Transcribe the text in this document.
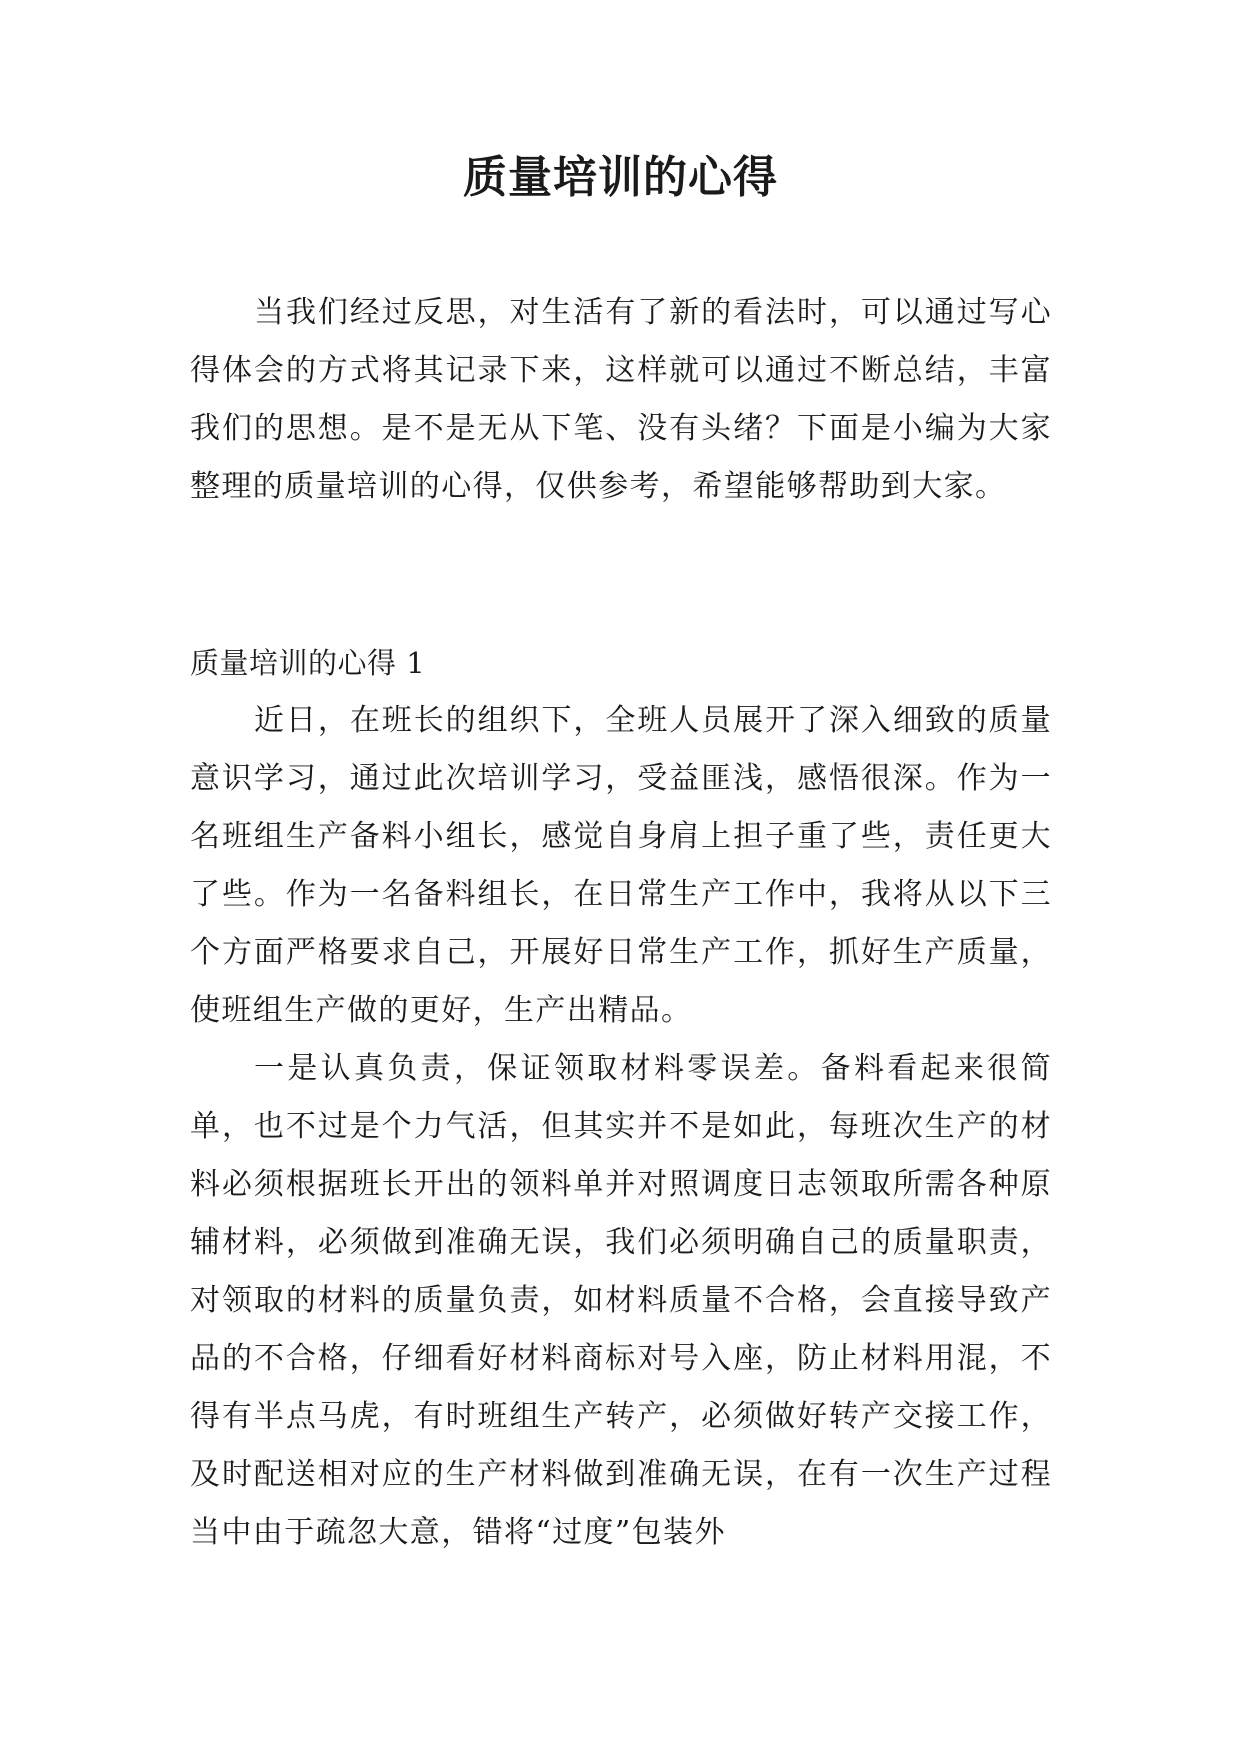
质量培训的心得

当我们经过反思，对生活有了新的看法时，可以通过写心得体会的方式将其记录下来，这样就可以通过不断总结，丰富我们的思想。是不是无从下笔、没有头绪？下面是小编为大家整理的质量培训的心得，仅供参考，希望能够帮助到大家。

质量培训的心得 1

近日，在班长的组织下，全班人员展开了深入细致的质量意识学习，通过此次培训学习，受益匪浅，感悟很深。作为一名班组生产备料小组长，感觉自身肩上担子重了些，责任更大了些。作为一名备料组长，在日常生产工作中，我将从以下三个方面严格要求自己，开展好日常生产工作，抓好生产质量，使班组生产做的更好，生产出精品。

一是认真负责，保证领取材料零误差。备料看起来很简单，也不过是个力气活，但其实并不是如此，每班次生产的材料必须根据班长开出的领料单并对照调度日志领取所需各种原辅材料，必须做到准确无误，我们必须明确自己的质量职责，对领取的材料的质量负责，如材料质量不合格，会直接导致产品的不合格，仔细看好材料商标对号入座，防止材料用混，不得有半点马虎，有时班组生产转产，必须做好转产交接工作，及时配送相对应的生产材料做到准确无误，在有一次生产过程当中由于疏忽大意，错将“过度”包装外
